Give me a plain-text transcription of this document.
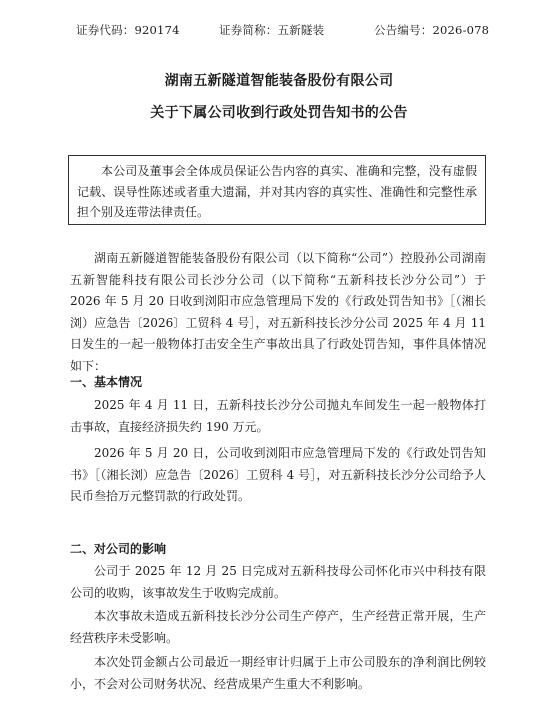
证券代码：920174	证券简称：五新隧装	公告编号：2026-078
湖南五新隧道智能装备股份有限公司
关于下属公司收到行政处罚告知书的公告
本公司及董事会全体成员保证公告内容的真实、准确和完整，没有虚假记载、误导性陈述或者重大遗漏，并对其内容的真实性、准确性和完整性承担个别及连带法律责任。

湖南五新隧道智能装备股份有限公司（以下简称“公司”）控股孙公司湖南五新智能科技有限公司长沙分公司（以下简称“五新科技长沙分公司”）于 2026 年 5 月 20 日收到浏阳市应急管理局下发的《行政处罚告知书》［（湘长浏）应急告〔2026〕工贸科 4 号］，对五新科技长沙分公司 2025 年 4 月 11 日发生的一起一般物体打击安全生产事故出具了行政处罚告知，事件具体情况如下：

一、基本情况

2025 年 4 月 11 日，五新科技长沙分公司抛丸车间发生一起一般物体打击事故，直接经济损失约 190 万元。

2026 年 5 月 20 日，公司收到浏阳市应急管理局下发的《行政处罚告知书》［（湘长浏）应急告〔2026〕工贸科 4 号］，对五新科技长沙分公司给予人民币叁拾万元整罚款的行政处罚。

二、对公司的影响

公司于 2025 年 12 月 25 日完成对五新科技母公司怀化市兴中科技有限公司的收购，该事故发生于收购完成前。

本次事故未造成五新科技长沙分公司生产停产，生产经营正常开展，生产经营秩序未受影响。

本次处罚金额占公司最近一期经审计归属于上市公司股东的净利润比例较小，不会对公司财务状况、经营成果产生重大不利影响。
